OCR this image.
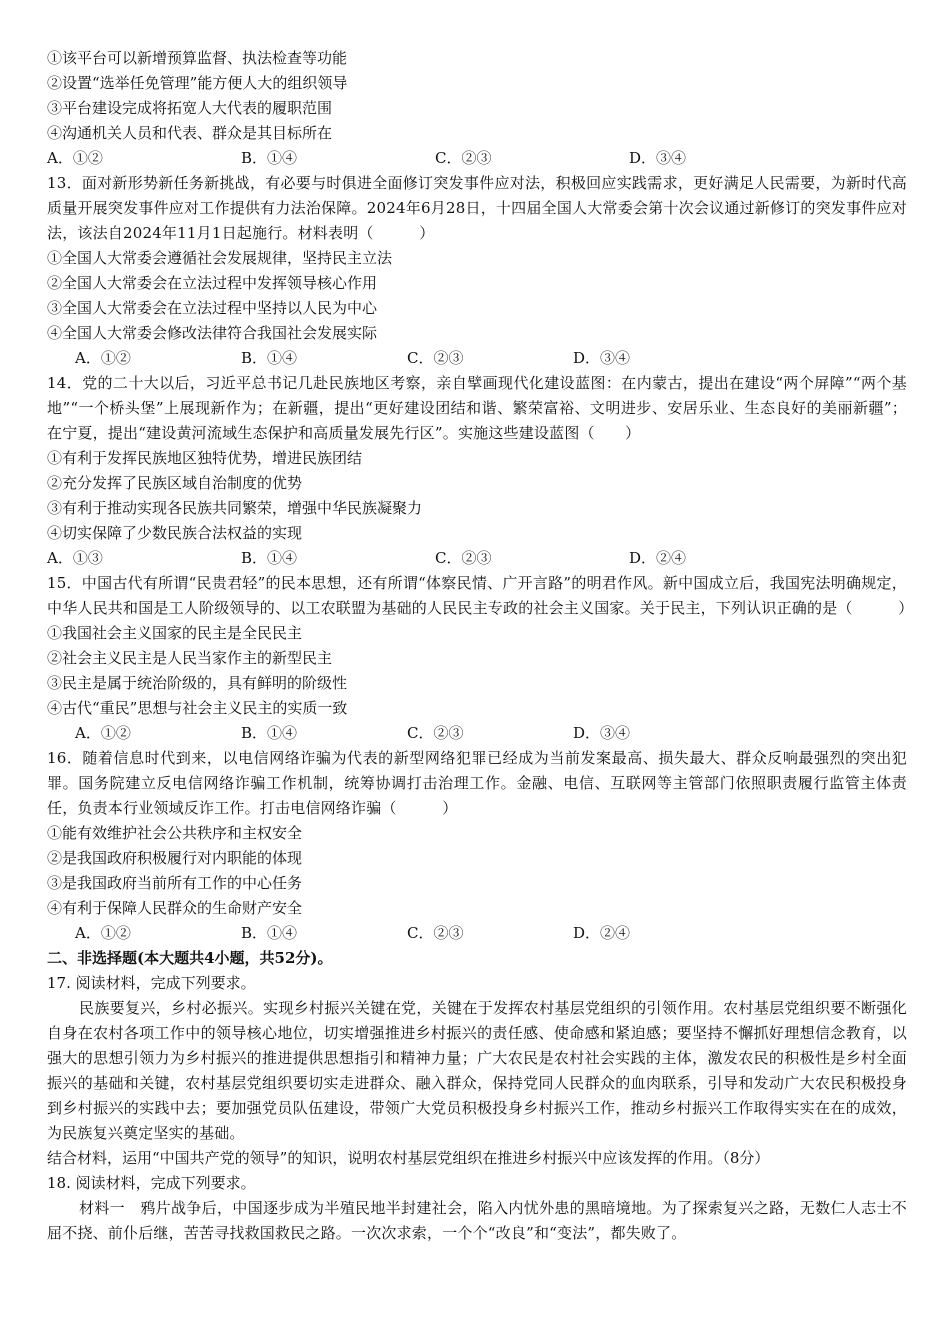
①该平台可以新增预算监督、执法检查等功能
②设置“选举任免管理”能方便人大的组织领导
③平台建设完成将拓宽人大代表的履职范围
④沟通机关人员和代表、群众是其目标所在
A．①②	B．①④	C．②③	D．③④
13．面对新形势新任务新挑战，有必要与时俱进全面修订突发事件应对法，积极回应实践需求，更好满足人民需要，为新时代高质量开展突发事件应对工作提供有力法治保障。2024年6月28日，十四届全国人大常委会第十次会议通过新修订的突发事件应对法，该法自2024年11月1日起施行。材料表明（　　　）
①全国人大常委会遵循社会发展规律，坚持民主立法
②全国人大常委会在立法过程中发挥领导核心作用
③全国人大常委会在立法过程中坚持以人民为中心
④全国人大常委会修改法律符合我国社会发展实际
A．①②	B．①④	C．②③	D．③④
14．党的二十大以后，习近平总书记几赴民族地区考察，亲自擘画现代化建设蓝图：在内蒙古，提出在建设“两个屏障”“两个基地”“一个桥头堡”上展现新作为；在新疆，提出“更好建设团结和谐、繁荣富裕、文明进步、安居乐业、生态良好的美丽新疆”；在宁夏，提出“建设黄河流域生态保护和高质量发展先行区”。实施这些建设蓝图（　　）
①有利于发挥民族地区独特优势，增进民族团结
②充分发挥了民族区域自治制度的优势
③有利于推动实现各民族共同繁荣，增强中华民族凝聚力
④切实保障了少数民族合法权益的实现
A．①③	B．①④	C．②③	D．②④
15．中国古代有所谓“民贵君轻”的民本思想，还有所谓“体察民情、广开言路”的明君作风。新中国成立后，我国宪法明确规定，中华人民共和国是工人阶级领导的、以工农联盟为基础的人民民主专政的社会主义国家。关于民主，下列认识正确的是（　　　）
①我国社会主义国家的民主是全民民主
②社会主义民主是人民当家作主的新型民主
③民主是属于统治阶级的，具有鲜明的阶级性
④古代“重民”思想与社会主义民主的实质一致
A．①②	B．①④	C．②③	D．③④
16．随着信息时代到来，以电信网络诈骗为代表的新型网络犯罪已经成为当前发案最高、损失最大、群众反响最强烈的突出犯罪。国务院建立反电信网络诈骗工作机制，统筹协调打击治理工作。金融、电信、互联网等主管部门依照职责履行监管主体责任，负责本行业领域反诈工作。打击电信网络诈骗（　　　）
①能有效维护社会公共秩序和主权安全
②是我国政府积极履行对内职能的体现
③是我国政府当前所有工作的中心任务
④有利于保障人民群众的生命财产安全
A．①②	B．①④	C．②③	D．②④
二、非选择题(本大题共4小题，共52分)。
17. 阅读材料，完成下列要求。
民族要复兴，乡村必振兴。实现乡村振兴关键在党，关键在于发挥农村基层党组织的引领作用。农村基层党组织要不断强化自身在农村各项工作中的领导核心地位，切实增强推进乡村振兴的责任感、使命感和紧迫感；要坚持不懈抓好理想信念教育，以强大的思想引领力为乡村振兴的推进提供思想指引和精神力量；广大农民是农村社会实践的主体，激发农民的积极性是乡村全面振兴的基础和关键，农村基层党组织要切实走进群众、融入群众，保持党同人民群众的血肉联系，引导和发动广大农民积极投身到乡村振兴的实践中去；要加强党员队伍建设，带领广大党员积极投身乡村振兴工作，推动乡村振兴工作取得实实在在的成效，为民族复兴奠定坚实的基础。
结合材料，运用“中国共产党的领导”的知识，说明农村基层党组织在推进乡村振兴中应该发挥的作用。（8分）
18. 阅读材料，完成下列要求。
材料一　鸦片战争后，中国逐步成为半殖民地半封建社会，陷入内忧外患的黑暗境地。为了探索复兴之路，无数仁人志士不屈不挠、前仆后继，苦苦寻找救国救民之路。一次次求索，一个个“改良”和“变法”，都失败了。
